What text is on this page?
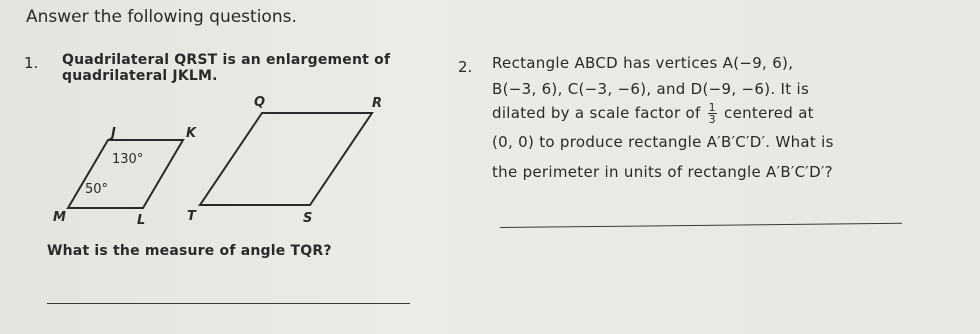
Answer the following questions.
1. Quadrilateral QRST is an enlargement of
quadrilateral JKLM.
J	K
L
M
130°
50°
Q	R
S
T
What is the measure of angle TQR?
2. Rectangle ABCD has vertices A(−9, 6),
B(−3, 6), C(−3, −6), and D(−9, −6). It is
dilated by a scale factor of $\frac{1}{3}$ centered at
(0, 0) to produce rectangle A′B′C′D′. What is
the perimeter in units of rectangle A′B′C′D′?
